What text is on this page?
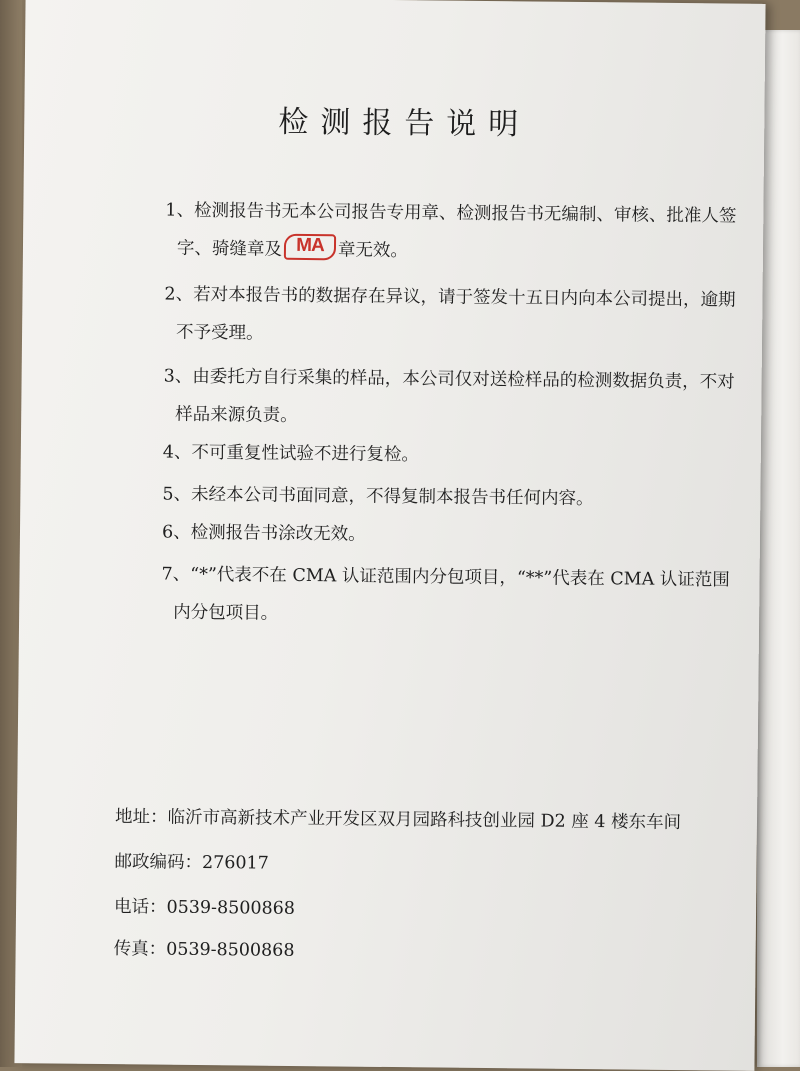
检测报告说明
1、检测报告书无本公司报告专用章、检测报告书无编制、审核、批准人签
字、骑缝章及 MA 章无效。
2、若对本报告书的数据存在异议，请于签发十五日内向本公司提出，逾期
不予受理。
3、由委托方自行采集的样品，本公司仅对送检样品的检测数据负责，不对
样品来源负责。
4、不可重复性试验不进行复检。
5、未经本公司书面同意，不得复制本报告书任何内容。
6、检测报告书涂改无效。
7、“*”代表不在 CMA 认证范围内分包项目，“**”代表在 CMA 认证范围
内分包项目。
地址：临沂市高新技术产业开发区双月园路科技创业园 D2 座 4 楼东车间
邮政编码：276017
电话：0539-8500868
传真：0539-8500868
